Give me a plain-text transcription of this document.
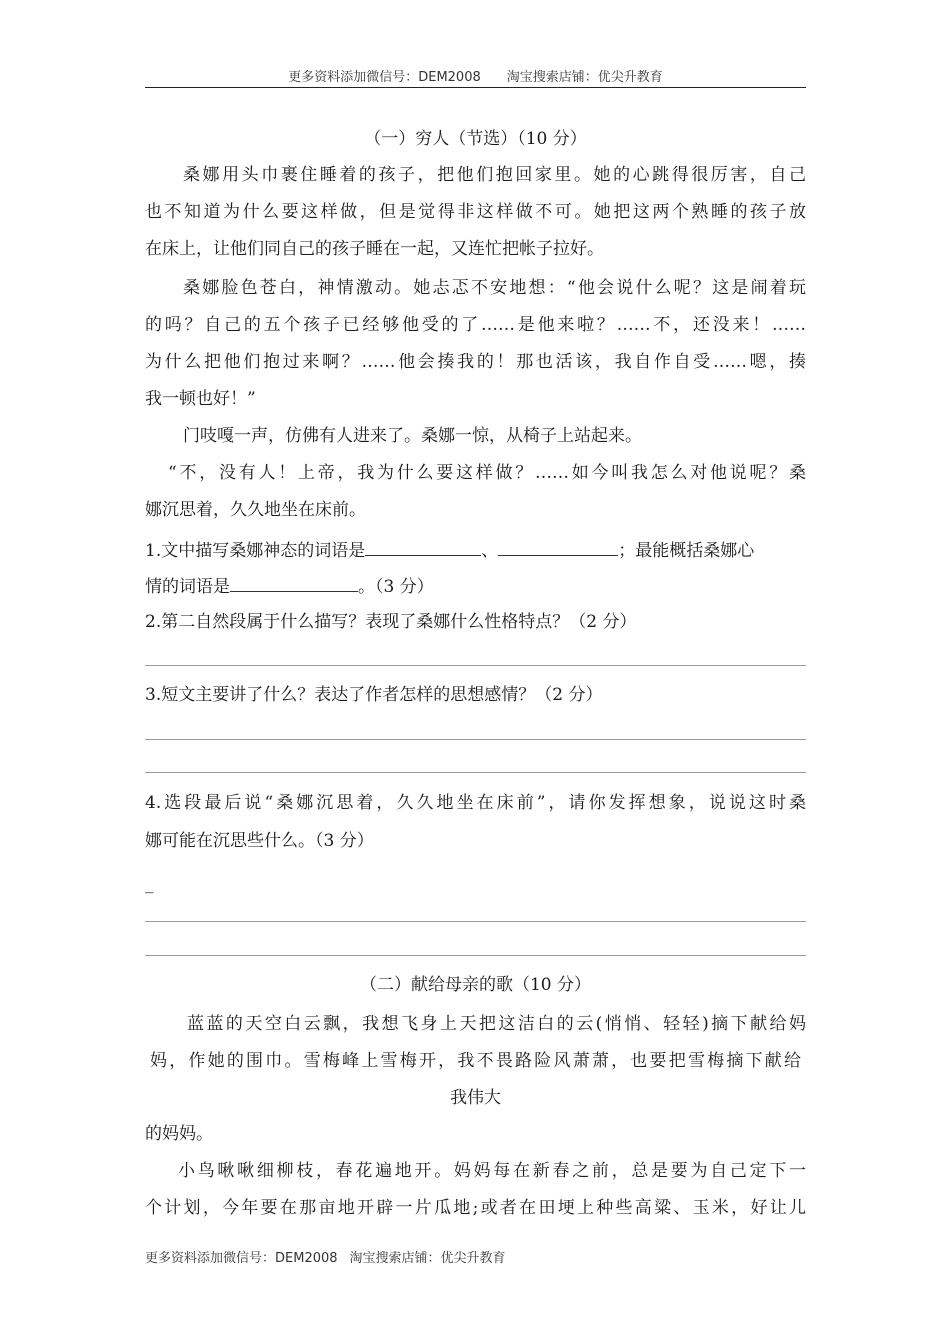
更多资料添加微信号：DEM2008 淘宝搜索店铺：优尖升教育
（一）穷人（节选）（10 分）
桑娜用头巾裹住睡着的孩子，把他们抱回家里。她的心跳得很厉害，自己
也不知道为什么要这样做，但是觉得非这样做不可。她把这两个熟睡的孩子放
在床上，让他们同自己的孩子睡在一起，又连忙把帐子拉好。
桑娜脸色苍白，神情激动。她忐忑不安地想：“他会说什么呢？这是闹着玩
的吗？自己的五个孩子已经够他受的了……是他来啦？……不，还没来！……
为什么把他们抱过来啊？……他会揍我的！那也活该，我自作自受……嗯，揍
我一顿也好！”
门吱嘎一声，仿佛有人进来了。桑娜一惊，从椅子上站起来。
“不，没有人！上帝，我为什么要这样做？……如今叫我怎么对他说呢？桑
娜沉思着，久久地坐在床前。
1.文中描写桑娜神态的词语是	、	；最能概括桑娜心
情的词语是	。（3 分）
2.第二自然段属于什么描写？表现了桑娜什么性格特点？（2 分）
3.短文主要讲了什么？表达了作者怎样的思想感情？（2 分）
4.选段最后说“桑娜沉思着，久久地坐在床前”，请你发挥想象，说说这时桑
娜可能在沉思些什么。（3 分）
_
（二）献给母亲的歌（10 分）
蓝蓝的天空白云飘，我想飞身上天把这洁白的云(悄悄、轻轻)摘下献给妈
妈，作她的围巾。雪梅峰上雪梅开，我不畏路险风萧萧，也要把雪梅摘下献给
我伟大
的妈妈。
小鸟啾啾细柳枝，春花遍地开。妈妈每在新春之前，总是要为自己定下一
个计划，今年要在那亩地开辟一片瓜地;或者在田埂上种些高粱、玉米，好让儿
更多资料添加微信号：DEM2008 淘宝搜索店铺：优尖升教育
